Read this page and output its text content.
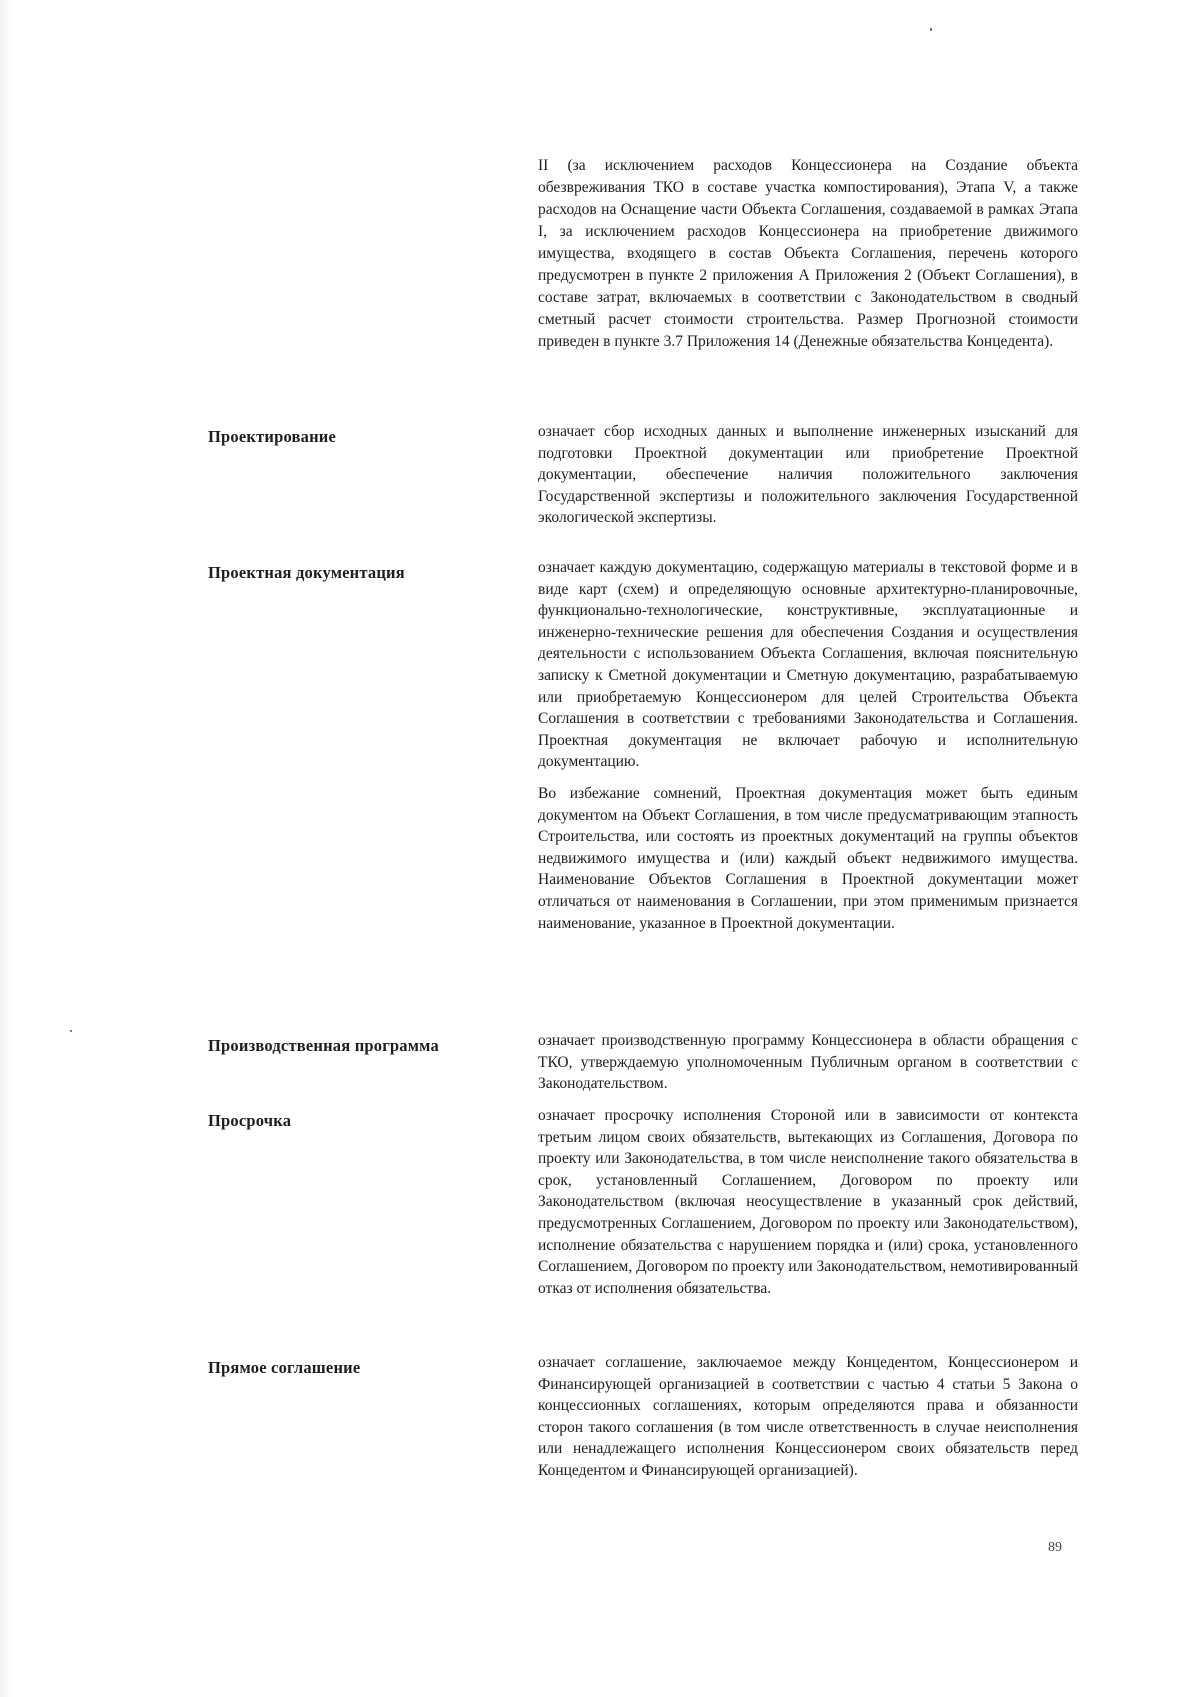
II (за исключением расходов Концессионера на Создание объекта обезвреживания ТКО в составе участка компостирования), Этапа V, а также расходов на Оснащение части Объекта Соглашения, создаваемой в рамках Этапа I, за исключением расходов Концессионера на приобретение движимого имущества, входящего в состав Объекта Соглашения, перечень которого предусмотрен в пункте 2 приложения А Приложения 2 (Объект Соглашения), в составе затрат, включаемых в соответствии с Законодательством в сводный сметный расчет стоимости строительства. Размер Прогнозной стоимости приведен в пункте 3.7 Приложения 14 (Денежные обязательства Концедента).
Проектирование	означает сбор исходных данных и выполнение инженерных изысканий для подготовки Проектной документации или приобретение Проектной документации, обеспечение наличия положительного заключения Государственной экспертизы и положительного заключения Государственной экологической экспертизы.

Проектная документация	означает каждую документацию, содержащую материалы в текстовой форме и в виде карт (схем) и определяющую основные архитектурно-планировочные, функционально-технологические, конструктивные, эксплуатационные и инженерно-технические решения для обеспечения Создания и осуществления деятельности с использованием Объекта Соглашения, включая пояснительную записку к Сметной документации и Сметную документацию, разрабатываемую или приобретаемую Концессионером для целей Строительства Объекта Соглашения в соответствии с требованиями Законодательства и Соглашения. Проектная документация не включает рабочую и исполнительную документацию.

Во избежание сомнений, Проектная документация может быть единым документом на Объект Соглашения, в том числе предусматривающим этапность Строительства, или состоять из проектных документаций на группы объектов недвижимого имущества и (или) каждый объект недвижимого имущества. Наименование Объектов Соглашения в Проектной документации может отличаться от наименования в Соглашении, при этом применимым признается наименование, указанное в Проектной документации.

Производственная программа	означает производственную программу Концессионера в области обращения с ТКО, утверждаемую уполномоченным Публичным органом в соответствии с Законодательством.

Просрочка	означает просрочку исполнения Стороной или в зависимости от контекста третьим лицом своих обязательств, вытекающих из Соглашения, Договора по проекту или Законодательства, в том числе неисполнение такого обязательства в срок, установленный Соглашением, Договором по проекту или Законодательством (включая неосуществление в указанный срок действий, предусмотренных Соглашением, Договором по проекту или Законодательством), исполнение обязательства с нарушением порядка и (или) срока, установленного Соглашением, Договором по проекту или Законодательством, немотивированный отказ от исполнения обязательства.

Прямое соглашение	означает соглашение, заключаемое между Концедентом, Концессионером и Финансирующей организацией в соответствии с частью 4 статьи 5 Закона о концессионных соглашениях, которым определяются права и обязанности сторон такого соглашения (в том числе ответственность в случае неисполнения или ненадлежащего исполнения Концессионером своих обязательств перед Концедентом и Финансирующей организацией).

89
